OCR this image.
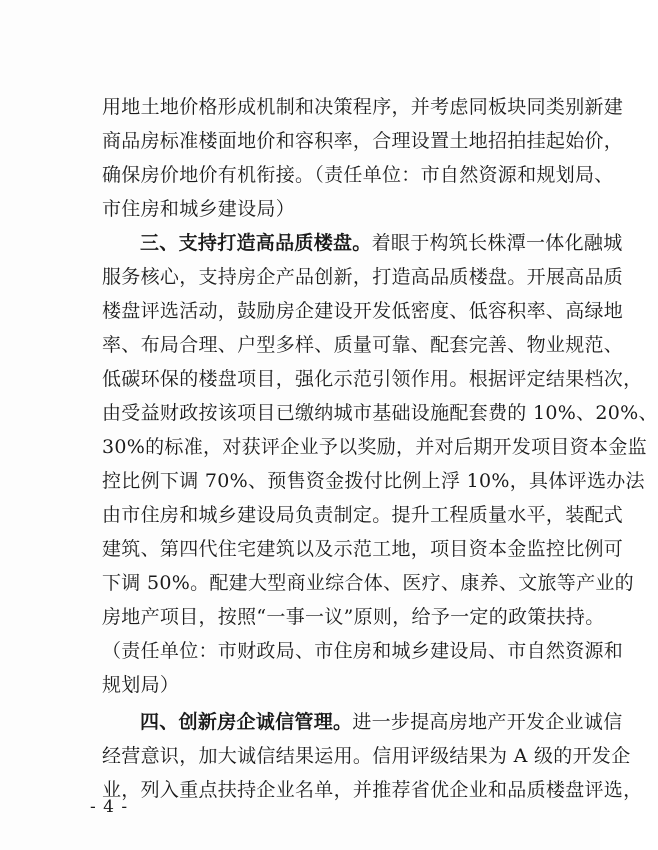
用地土地价格形成机制和决策程序，并考虑同板块同类别新建
商品房标准楼面地价和容积率，合理设置土地招拍挂起始价，
确保房价地价有机衔接。（责任单位：市自然资源和规划局、
市住房和城乡建设局）
三、支持打造高品质楼盘。着眼于构筑长株潭一体化融城
服务核心，支持房企产品创新，打造高品质楼盘。开展高品质
楼盘评选活动，鼓励房企建设开发低密度、低容积率、高绿地
率、布局合理、户型多样、质量可靠、配套完善、物业规范、
低碳环保的楼盘项目，强化示范引领作用。根据评定结果档次，
由受益财政按该项目已缴纳城市基础设施配套费的 10%、20%、
30%的标准，对获评企业予以奖励，并对后期开发项目资本金监
控比例下调 70%、预售资金拨付比例上浮 10%，具体评选办法
由市住房和城乡建设局负责制定。提升工程质量水平，装配式
建筑、第四代住宅建筑以及示范工地，项目资本金监控比例可
下调 50%。配建大型商业综合体、医疗、康养、文旅等产业的
房地产项目，按照“一事一议”原则，给予一定的政策扶持。
（责任单位：市财政局、市住房和城乡建设局、市自然资源和
规划局）
四、创新房企诚信管理。进一步提高房地产开发企业诚信
经营意识，加大诚信结果运用。信用评级结果为 A 级的开发企
业，列入重点扶持企业名单，并推荐省优企业和品质楼盘评选，
- 4 -
